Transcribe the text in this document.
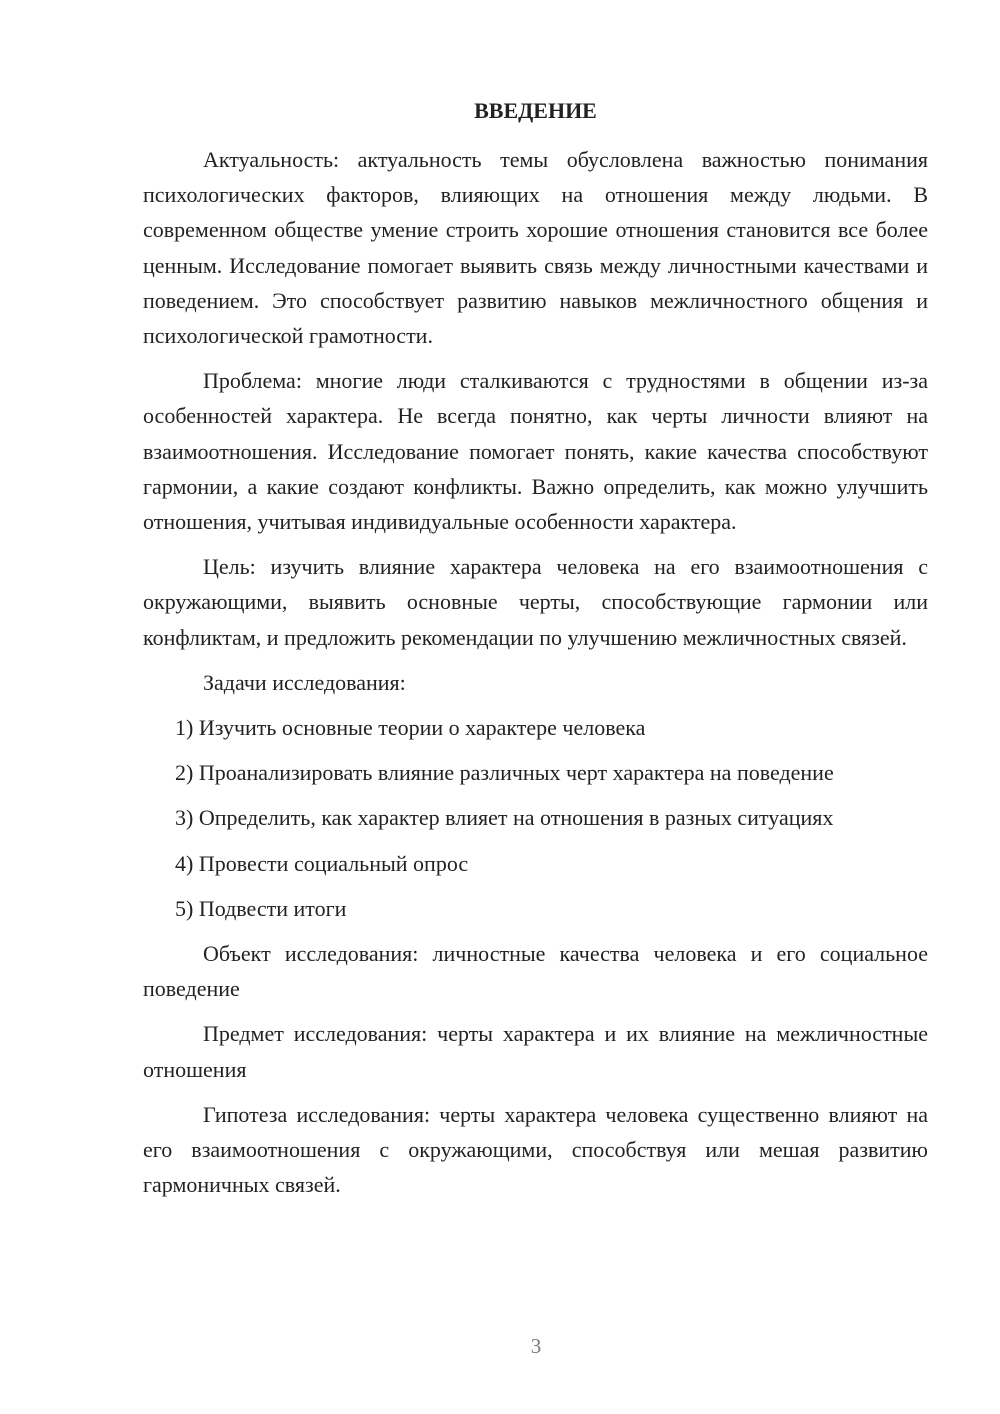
ВВЕДЕНИЕ

Актуальность: актуальность темы обусловлена важностью понимания психологических факторов, влияющих на отношения между людьми. В современном обществе умение строить хорошие отношения становится все более ценным. Исследование помогает выявить связь между личностными качествами и поведением. Это способствует развитию навыков межличностного общения и психологической грамотности.

Проблема: многие люди сталкиваются с трудностями в общении из-за особенностей характера. Не всегда понятно, как черты личности влияют на взаимоотношения. Исследование помогает понять, какие качества способствуют гармонии, а какие создают конфликты. Важно определить, как можно улучшить отношения, учитывая индивидуальные особенности характера.

Цель: изучить влияние характера человека на его взаимоотношения с окружающими, выявить основные черты, способствующие гармонии или конфликтам, и предложить рекомендации по улучшению межличностных связей.

Задачи исследования:

1) Изучить основные теории о характере человека

2) Проанализировать влияние различных черт характера на поведение

3) Определить, как характер влияет на отношения в разных ситуациях

4) Провести социальный опрос

5) Подвести итоги

Объект исследования: личностные качества человека и его социальное поведение

Предмет исследования: черты характера и их влияние на межличностные отношения

Гипотеза исследования: черты характера человека существенно влияют на его взаимоотношения с окружающими, способствуя или мешая развитию гармоничных связей.

3
